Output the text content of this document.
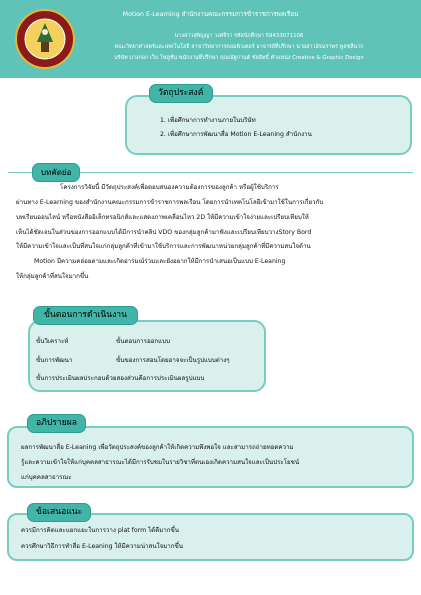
Motion E-Learning สำนักงานคณะกรรมการข้าราชการพลเรือน
นางสาวสุพิญญา วงศจีรา รหัสนักศึกษา 59433071106
คณะวิทยาศาสตร์และเทคโนโลยี สาขาวิทยาการคอมพิวเตอร์ อาจารย์ที่ปรึกษา นายสาวอัจฉราพร พูลชลีนาก
บริษัท บางกอก เว็บ โซลูชั่น พนักงานที่ปรึกษา คุณณัฐกานต์ ชัยสิทธิ์ ตำแหน่ง Creative & Graphic Design
1. เพื่อศึกษาการทำงานภายในบริษัท
2. เพื่อศึกษาการพัฒนาสื่อ Motion E-Leaning สำนักงาน
วัตถุประสงค์
บทคัดย่อ
โครงการวิจัยนี้ มีวัตถุประสงค์เพื่อตอบสนองความต้องการของลูกค้า หรือผู้ใช้บริการ
ผ่านทาง E-Learning ของสำนักงานคณะกรรมการข้าราชการพลเรือน โดยการนำเทคโนโลยีเข้ามาใช้ในการเกี่ยวกับ
บทเรียนออนไลน์ หรือหนังสืออิเล็กทรอนิกส์และแสดงภาพเคลื่อนไหว 2D ให้มีความเข้าใจง่ายและเปรียบเทียบให้
เห็นได้ชัดเจนในส่วนของการออกแบบได้มีการนำคลิป VDO ของกลุ่มลูกค้ามาฟังและเปรียบเทียบวางStory Bord
ให้มีความเข้าใจและเป็นที่สนใจแก่กลุ่มลูกค้าที่เข้ามาใช้บริการและการพัฒนาหน่วยกลุ่มลูกค้าที่มีความสนใจด้าน
Motion มีความคล่อยตามและเกิดอารมณ์ร่วมและยังอยากให้มีการนำเสนอเป็นแบบ E-Leaning
ให้กลุ่มลูกค้าที่สนใจมากขึ้น
ขั้นวิเคราะห์	ขั้นตอนการออกแบบ
ขั้นการพัฒนา	ขั้นของการสอนโดยอาจจะเป็นรูปแบบต่างๆ
ขั้นการประเมินผลประกอบด้วยสองส่วนคือการประเมินผลรูปแบบ
ขั้นตอนการดำเนินงาน
ผลการพัฒนาสื่อ E-Leaning เพื่อวัตถุประสงค์ของลูกค้าให้เกิดความพึงพอใจ และสามารถถ่ายทอดความ
รู้และความเข้าใจให้แก่บุคคลสาธารณะได้มีการรับชมในรายวิชาที่ตนเองเกิดความสนใจและเป็นประโยชน์
แก่บุคคลสาธารณะ
อภิปรายผล
ควรมีการคิดและแยกแยะในการวาง plat form ได้ดีมากขึ้น
ควรศึกษาวิธีการทำสื่อ E-Leaning ให้มีความน่าสนใจมากขึ้น
ข้อเสนอแนะ
